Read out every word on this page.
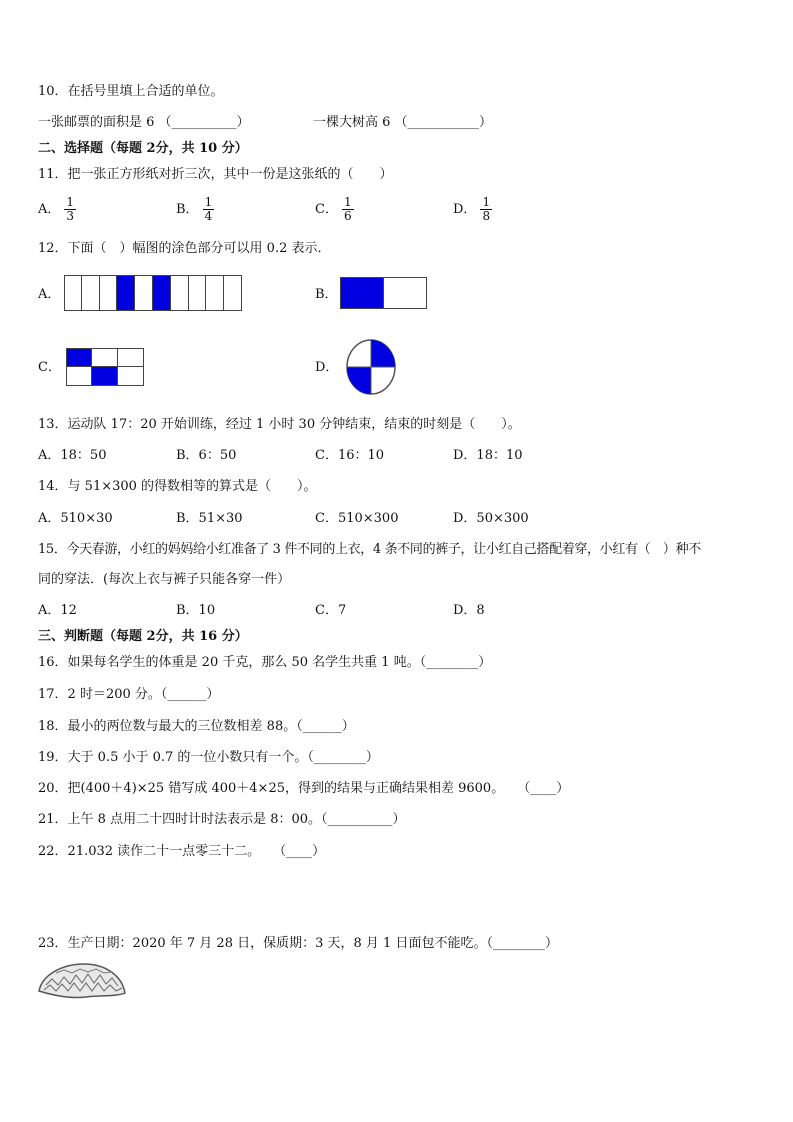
10．在括号里填上合适的单位。
一张邮票的面积是 6 （__________）	一棵大树高 6 （___________）
二、选择题（每题 2分，共 10 分）
11．把一张正方形纸对折三次，其中一份是这张纸的（　　）
A． $\frac{1}{3}$	B． $\frac{1}{4}$	C． $\frac{1}{6}$	D． $\frac{1}{8}$
12．下面（　）幅图的涂色部分可以用 0.2 表示．
A．	B．
C．	D．
13．运动队 17：20 开始训练，经过 1 小时 30 分钟结束，结束的时刻是（　　）。
A．18：50	B．6：50	C．16：10	D．18：10
14．与 51×300 的得数相等的算式是（　　）。
A．510×30	B．51×30	C．510×300	D．50×300
15．今天春游，小红的妈妈给小红准备了 3 件不同的上衣，4 条不同的裤子，让小红自己搭配着穿，小红有（　）种不
同的穿法．(每次上衣与裤子只能各穿一件）
A．12	B．10	C．7	D．8
三、判断题（每题 2分，共 16 分）
16．如果每名学生的体重是 20 千克，那么 50 名学生共重 1 吨。（________）
17．2 时＝200 分。（______）
18．最小的两位数与最大的三位数相差 88。（______）
19．大于 0.5 小于 0.7 的一位小数只有一个。（________）
20．把(400＋4)×25 错写成 400＋4×25，得到的结果与正确结果相差 9600。　　（____）
21．上午 8 点用二十四时计时法表示是 8：00。（__________）
22．21.032 读作二十一点零三十二。　　（____）
23．生产日期：2020 年 7 月 28 日，保质期：3 天，8 月 1 日面包不能吃。（________）
